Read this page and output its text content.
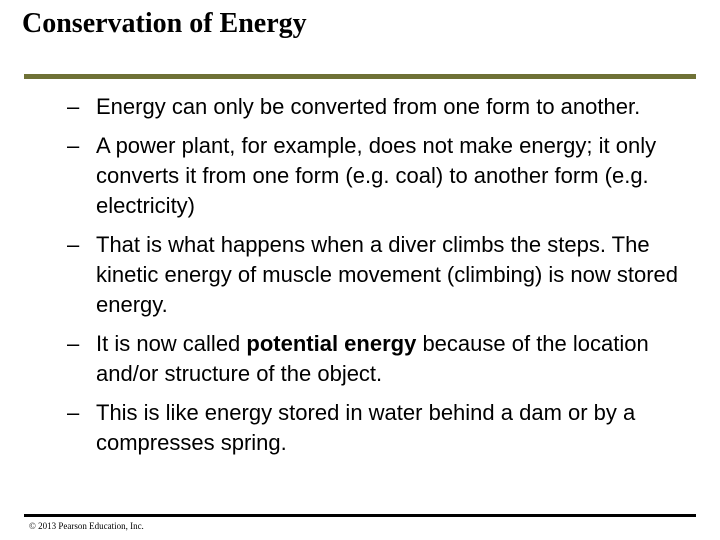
Conservation of Energy
– Energy can only be converted from one form to another.
– A power plant, for example, does not make energy; it only converts it from one form (e.g. coal) to another form (e.g. electricity)
– That is what happens when a diver climbs the steps. The kinetic energy of muscle movement (climbing) is now stored energy.
– It is now called potential energy because of the location and/or structure of the object.
– This is like energy stored in water behind a dam or by a compresses spring.
© 2013 Pearson Education, Inc.
